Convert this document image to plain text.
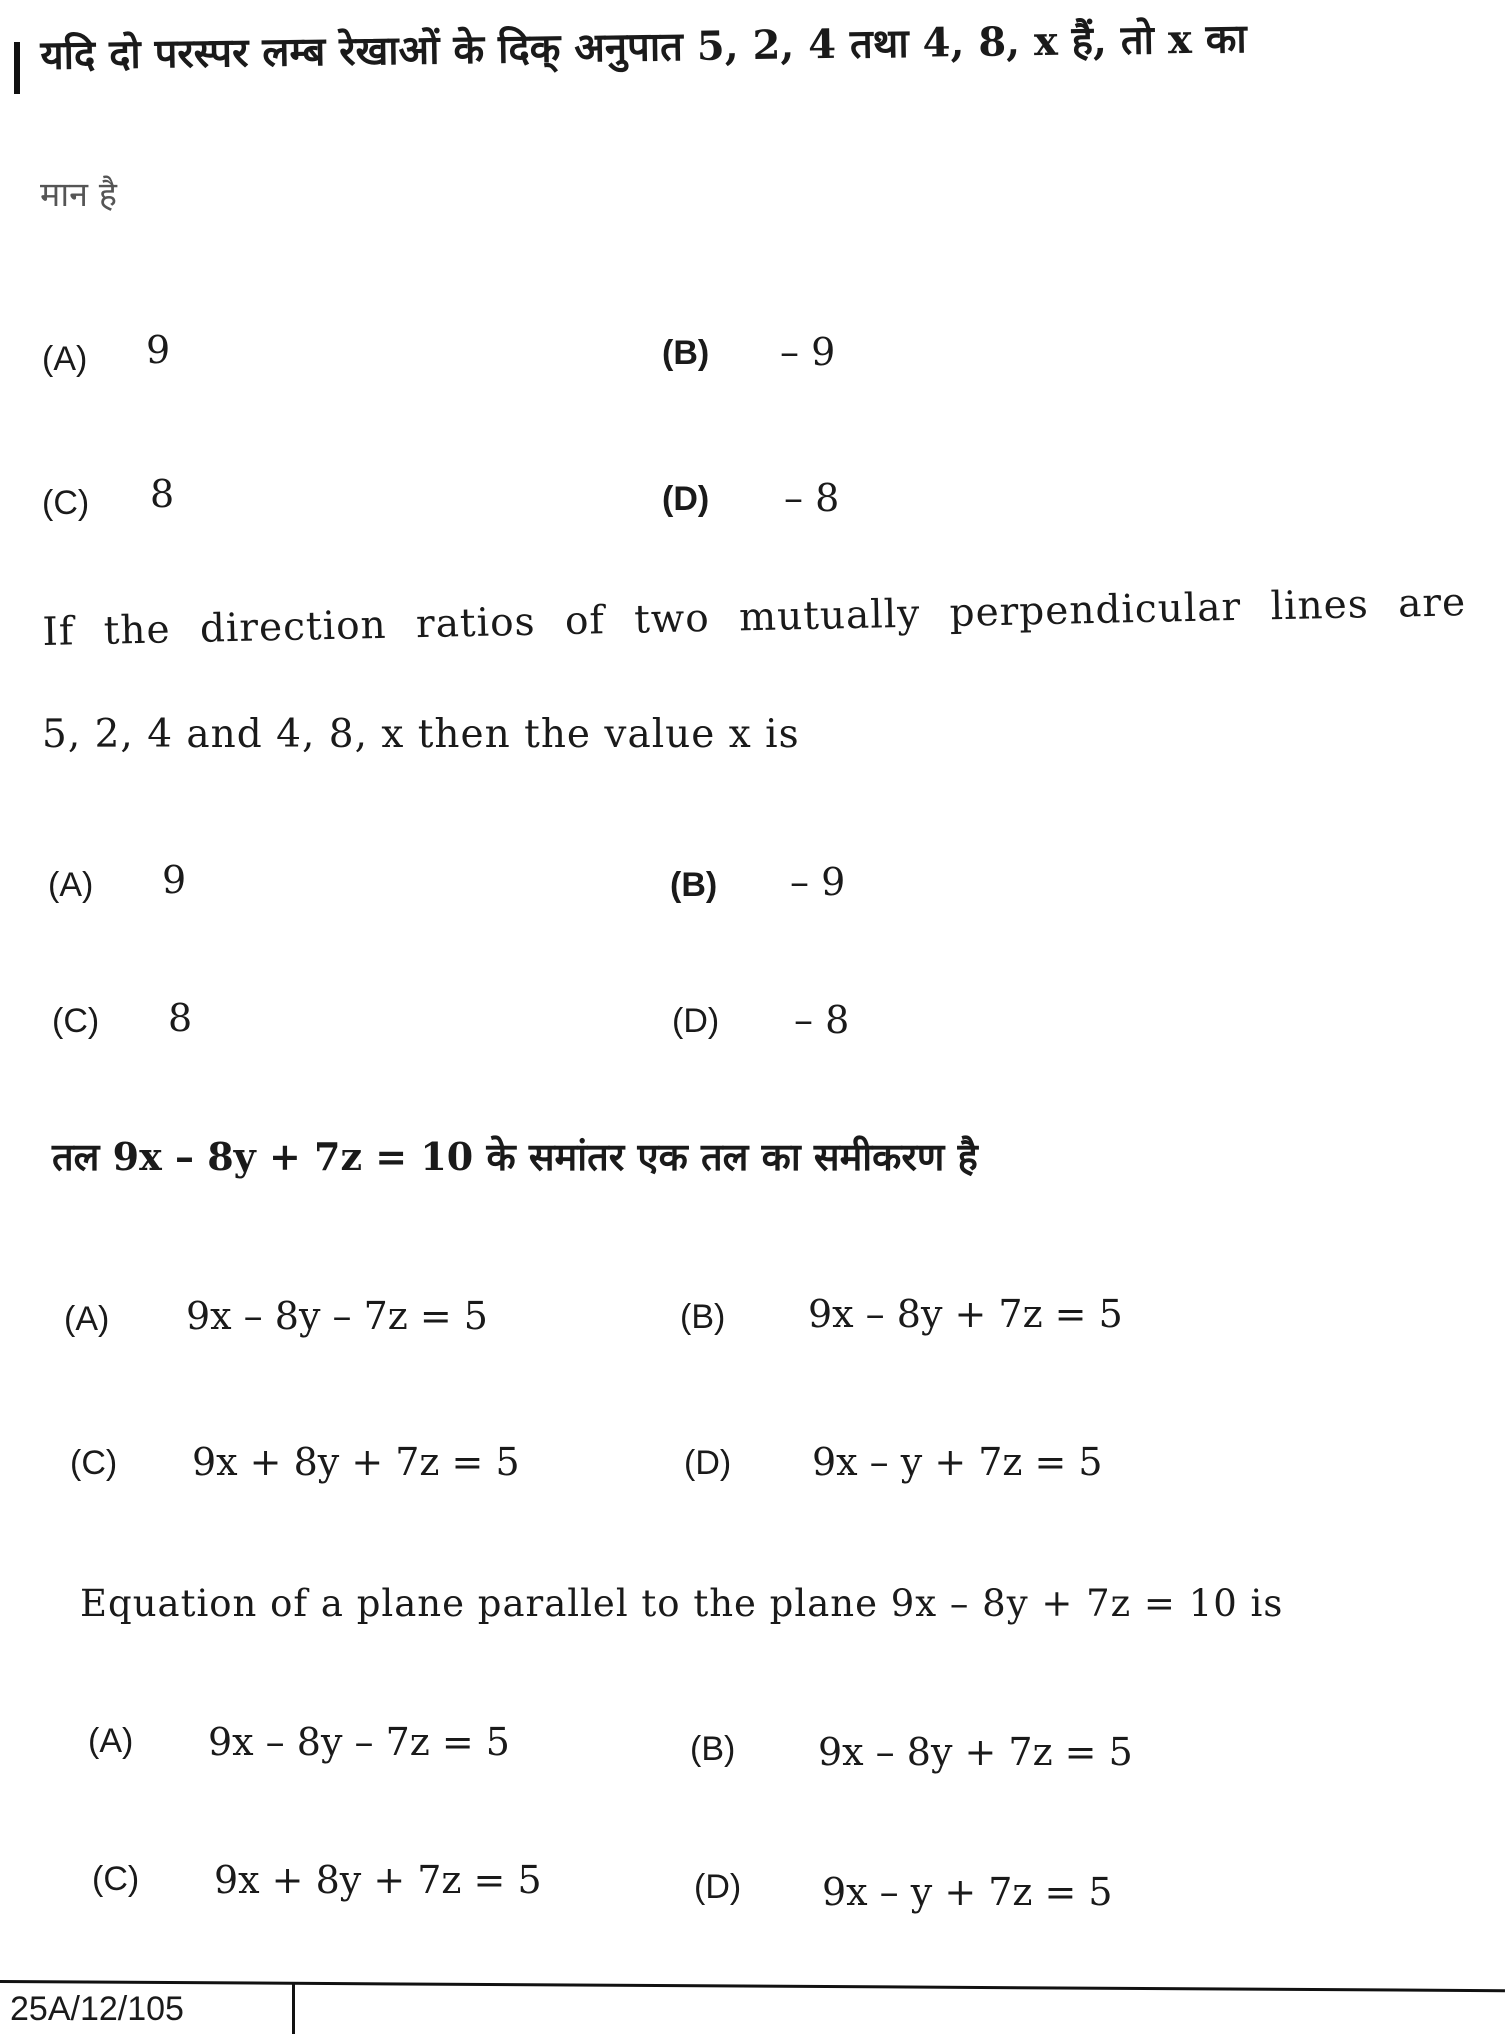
यदि दो परस्पर लम्ब रेखाओं के दिक् अनुपात 5, 2, 4 तथा 4, 8, x हैं, तो x का
मान है
(A) 9	(B) – 9
(C) 8	(D) – 8
If the direction ratios of two mutually perpendicular lines are
5, 2, 4 and 4, 8, x then the value x is
(A) 9	(B) – 9
(C) 8	(D) – 8
तल 9x – 8y + 7z = 10 के समांतर एक तल का समीकरण है
(A) 9x – 8y – 7z = 5	(B) 9x – 8y + 7z = 5
(C) 9x + 8y + 7z = 5	(D) 9x – y + 7z = 5
Equation of a plane parallel to the plane 9x – 8y + 7z = 10 is
(A) 9x – 8y – 7z = 5	(B) 9x – 8y + 7z = 5
(C) 9x + 8y + 7z = 5	(D) 9x – y + 7z = 5
25A/12/105
